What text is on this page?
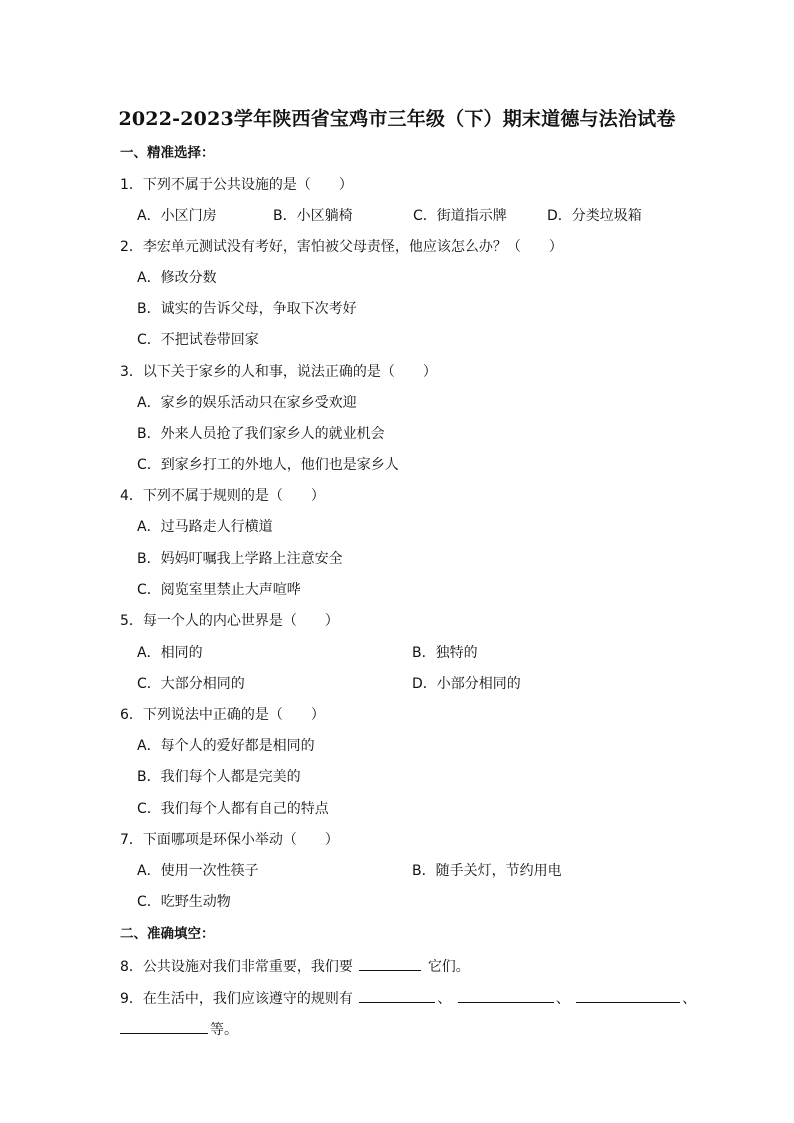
2022-2023学年陕西省宝鸡市三年级（下）期末道德与法治试卷
一、精准选择：
1．下列不属于公共设施的是（　　）
A．小区门房	B．小区躺椅	C．街道指示牌	D．分类垃圾箱
2．李宏单元测试没有考好，害怕被父母责怪，他应该怎么办？（　　）
A．修改分数
B．诚实的告诉父母，争取下次考好
C．不把试卷带回家
3．以下关于家乡的人和事，说法正确的是（　　）
A．家乡的娱乐活动只在家乡受欢迎
B．外来人员抢了我们家乡人的就业机会
C．到家乡打工的外地人，他们也是家乡人
4．下列不属于规则的是（　　）
A．过马路走人行横道
B．妈妈叮嘱我上学路上注意安全
C．阅览室里禁止大声喧哗
5．每一个人的内心世界是（　　）
A．相同的	B．独特的
C．大部分相同的	D．小部分相同的
6．下列说法中正确的是（　　）
A．每个人的爱好都是相同的
B．我们每个人都是完美的
C．我们每个人都有自己的特点
7．下面哪项是环保小举动（　　）
A．使用一次性筷子	B．随手关灯，节约用电
C．吃野生动物
二、准确填空：
8．公共设施对我们非常重要，我们要	它们。
9．在生活中，我们应该遵守的规则有	、	、	、
等。
